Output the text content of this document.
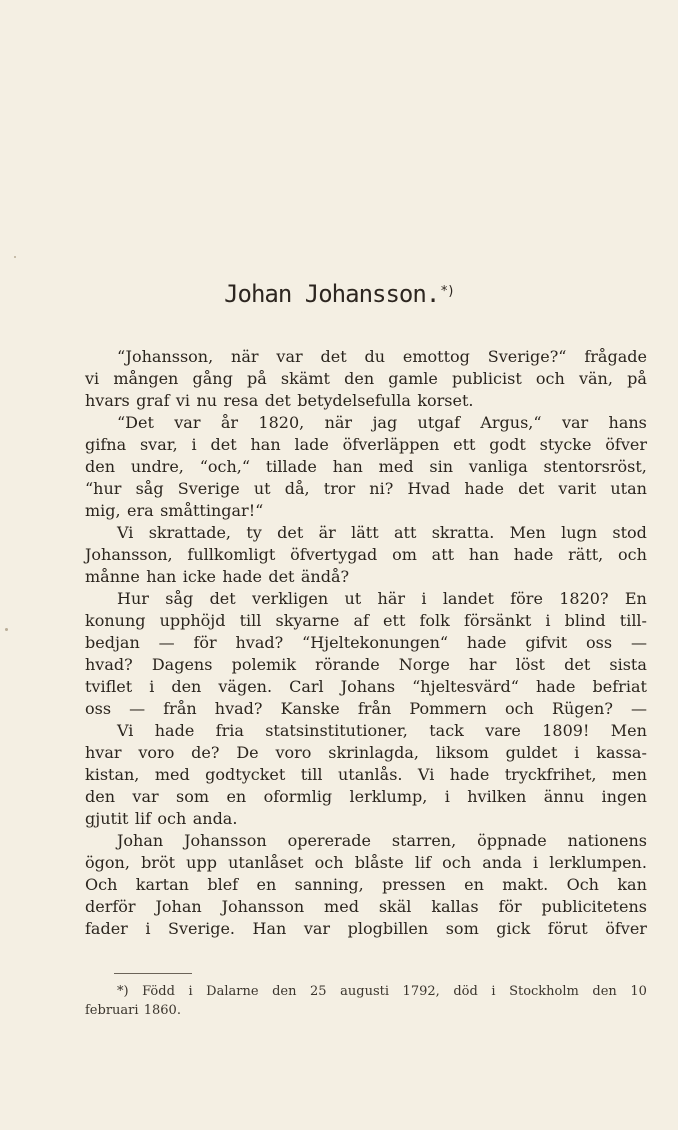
Johan Johansson.*)
“Johansson, när var det du emottog Sverige?“ frågade
vi mången gång på skämt den gamle publicist och vän, på
hvars graf vi nu resa det betydelsefulla korset.
“Det var år 1820, när jag utgaf Argus,“ var hans
gifna svar, i det han lade öfverläppen ett godt stycke öfver
den undre, “och,“ tillade han med sin vanliga stentorsröst,
“hur såg Sverige ut då, tror ni? Hvad hade det varit utan
mig, era småttingar!“
Vi skrattade, ty det är lätt att skratta. Men lugn stod
Johansson, fullkomligt öfvertygad om att han hade rätt, och
månne han icke hade det ändå?
Hur såg det verkligen ut här i landet före 1820? En
konung upphöjd till skyarne af ett folk försänkt i blind till-
bedjan — för hvad? “Hjeltekonungen“ hade gifvit oss —
hvad? Dagens polemik rörande Norge har löst det sista
tviflet i den vägen. Carl Johans “hjeltesvärd“ hade befriat
oss — från hvad? Kanske från Pommern och Rügen? —
Vi hade fria statsinstitutioner, tack vare 1809! Men
hvar voro de? De voro skrinlagda, liksom guldet i kassa-
kistan, med godtycket till utanlås. Vi hade tryckfrihet, men
den var som en oformlig lerklump, i hvilken ännu ingen
gjutit lif och anda.
Johan Johansson opererade starren, öppnade nationens
ögon, bröt upp utanlåset och blåste lif och anda i lerklumpen.
Och kartan blef en sanning, pressen en makt. Och kan
derför Johan Johansson med skäl kallas för publicitetens
fader i Sverige. Han var plogbillen som gick förut öfver
*) Född i Dalarne den 25 augusti 1792, död i Stockholm den 10
februari 1860.
